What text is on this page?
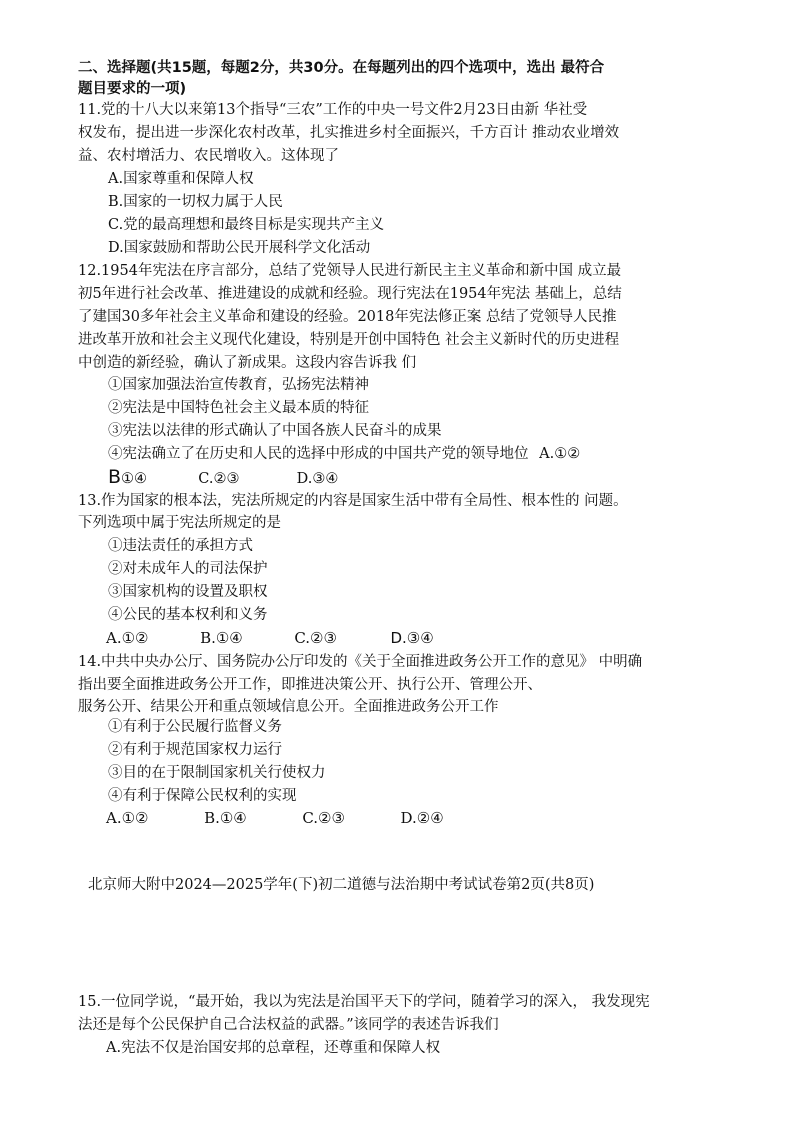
二、选择题(共15题，每题2分，共30分。在每题列出的四个选项中，选出 最符合
题目要求的一项)
11.党的十八大以来第13个指导“三农”工作的中央一号文件2月23日由新 华社受
权发布，提出进一步深化农村改革，扎实推进乡村全面振兴，千方百计 推动农业增效
益、农村增活力、农民增收入。这体现了
A.国家尊重和保障人权
B.国家的一切权力属于人民
C.党的最高理想和最终目标是实现共产主义
D.国家鼓励和帮助公民开展科学文化活动
12.1954年宪法在序言部分，总结了党领导人民进行新民主主义革命和新中国 成立最
初5年进行社会改革、推进建设的成就和经验。现行宪法在1954年宪法 基础上，总结
了建国30多年社会主义革命和建设的经验。2018年宪法修正案 总结了党领导人民推
进改革开放和社会主义现代化建设，特别是开创中国特色 社会主义新时代的历史进程
中创造的新经验，确认了新成果。这段内容告诉我 们
①国家加强法治宣传教育，弘扬宪法精神
②宪法是中国特色社会主义最本质的特征
③宪法以法律的形式确认了中国各族人民奋斗的成果
④宪法确立了在历史和人民的选择中形成的中国共产党的领导地位 A.①②
B①④	C.②③	D.③④
13.作为国家的根本法，宪法所规定的内容是国家生活中带有全局性、根本性的 问题。
下列选项中属于宪法所规定的是
①违法责任的承担方式
②对未成年人的司法保护
③国家机构的设置及职权
④公民的基本权利和义务
A.①②	B.①④	C.②③	D.③④
14.中共中央办公厅、国务院办公厅印发的《关于全面推进政务公开工作的意见》 中明确
指出要全面推进政务公开工作，即推进决策公开、执行公开、管理公开、
服务公开、结果公开和重点领域信息公开。全面推进政务公开工作
①有利于公民履行监督义务
②有利于规范国家权力运行
③目的在于限制国家机关行使权力
④有利于保障公民权利的实现
A.①②	B.①④	C.②③	D.②④
北京师大附中2024—2025学年(下)初二道德与法治期中考试试卷第2页(共8页)
15.一位同学说，“最开始，我以为宪法是治国平天下的学问，随着学习的深入， 我发现宪
法还是每个公民保护自己合法权益的武器。”该同学的表述告诉我们
A.宪法不仅是治国安邦的总章程，还尊重和保障人权
